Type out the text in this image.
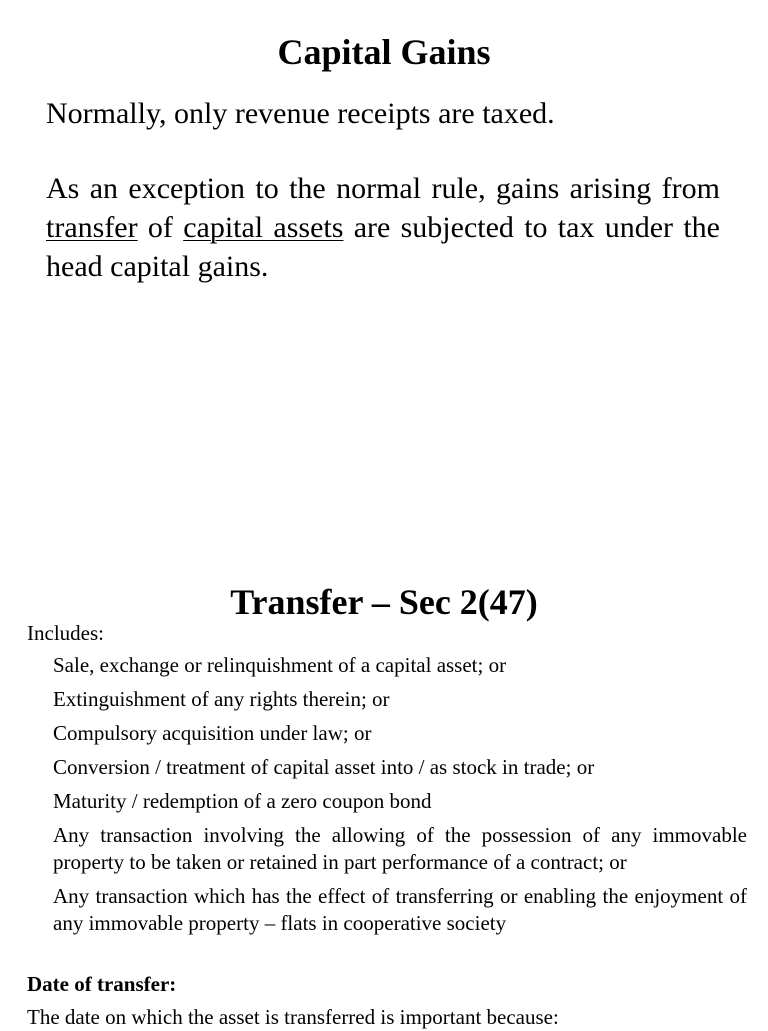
Capital Gains

Normally, only revenue receipts are taxed.

As an exception to the normal rule, gains arising from transfer of capital assets are subjected to tax under the head capital gains.

Transfer – Sec 2(47)

Includes:

Sale, exchange or relinquishment of a capital asset; or
Extinguishment of any rights therein; or
Compulsory acquisition under law; or
Conversion / treatment of capital asset into / as stock in trade; or
Maturity / redemption of a zero coupon bond
Any transaction involving the allowing of the possession of any immovable property to be taken or retained in part performance of a contract; or
Any transaction which has the effect of transferring or enabling the enjoyment of any immovable property – flats in cooperative society

Date of transfer:

The date on which the asset is transferred is important because:
